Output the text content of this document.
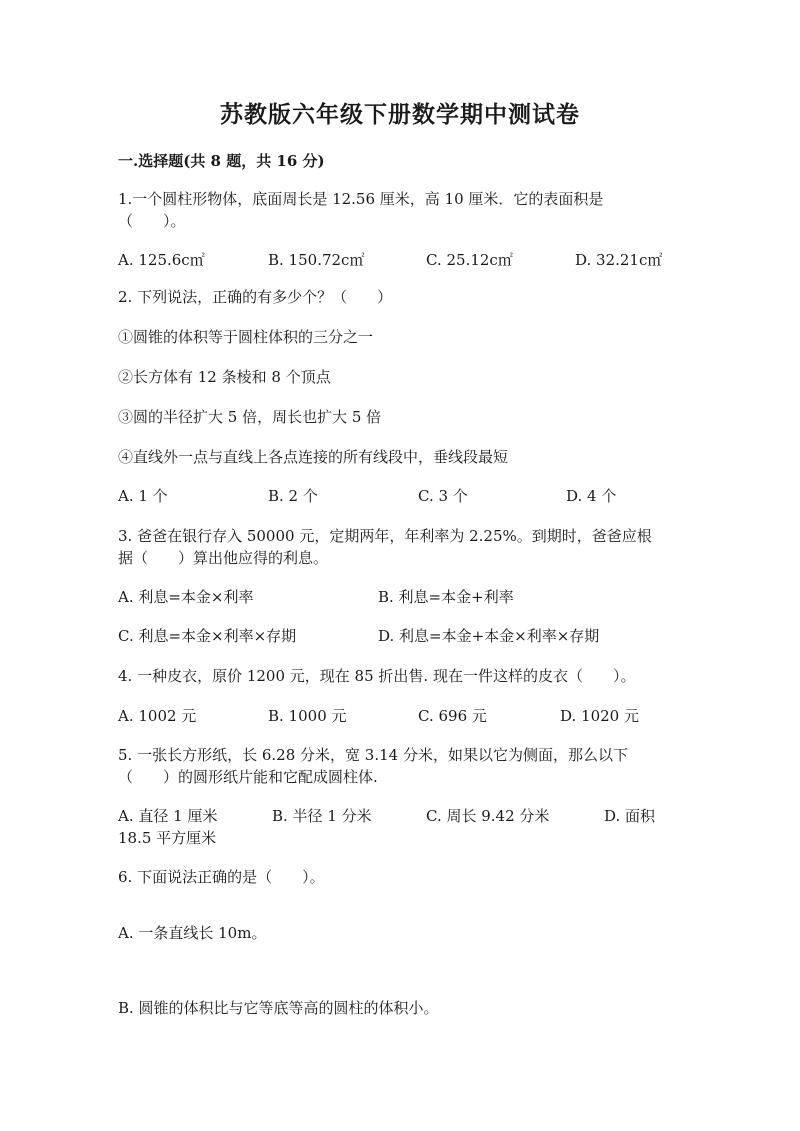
苏教版六年级下册数学期中测试卷
一.选择题(共 8 题，共 16 分)
1.一个圆柱形物体，底面周长是 12.56 厘米，高 10 厘米．它的表面积是
（　　）。
A. 125.6c㎡	B. 150.72c㎡	C. 25.12c㎡	D. 32.21c㎡
2. 下列说法，正确的有多少个？（　　）
①圆锥的体积等于圆柱体积的三分之一
②长方体有 12 条棱和 8 个顶点
③圆的半径扩大 5 倍，周长也扩大 5 倍
④直线外一点与直线上各点连接的所有线段中，垂线段最短
A. 1 个	B. 2 个	C. 3 个	D. 4 个
3. 爸爸在银行存入 50000 元，定期两年，年利率为 2.25%。到期时，爸爸应根
据（　　）算出他应得的利息。
A. 利息=本金×利率	B. 利息=本金+利率
C. 利息=本金×利率×存期	D. 利息=本金+本金×利率×存期
4. 一种皮衣，原价 1200 元，现在 85 折出售. 现在一件这样的皮衣（　　）。
A. 1002 元	B. 1000 元	C. 696 元	D. 1020 元
5. 一张长方形纸，长 6.28 分米，宽 3.14 分米，如果以它为侧面，那么以下
（　　）的圆形纸片能和它配成圆柱体.
A. 直径 1 厘米	B. 半径 1 分米	C. 周长 9.42 分米	D. 面积
18.5 平方厘米
6. 下面说法正确的是（　　）。
A. 一条直线长 10m。
B. 圆锥的体积比与它等底等高的圆柱的体积小。
